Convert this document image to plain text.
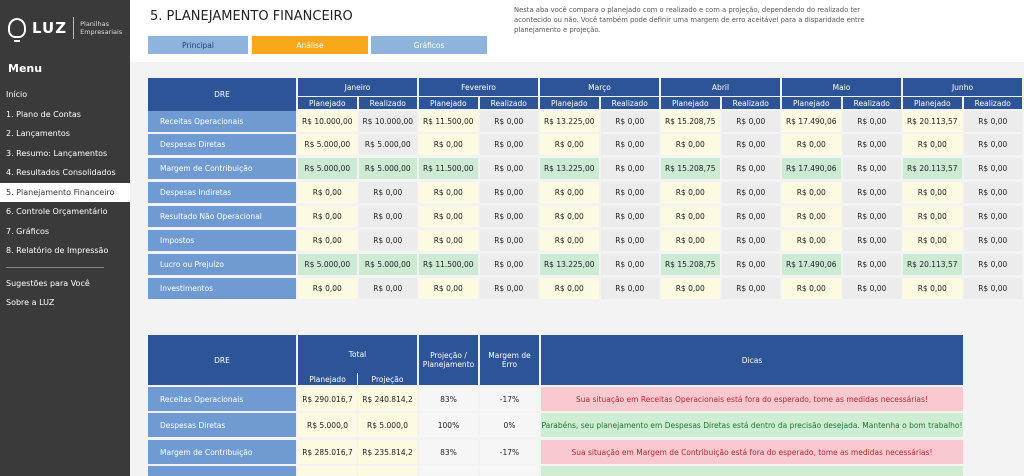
LUZ Planilhas
Empresariais
Menu
Início
1. Plano de Contas
2. Lançamentos
3. Resumo: Lançamentos
4. Resultados Consolidados
5. Planejamento Financeiro
6. Controle Orçamentário
7. Gráficos
8. Relatório de Impressão
Sugestões para Você
Sobre a LUZ
5. PLANEJAMENTO FINANCEIRO	Nesta aba você compara o planejado com o realizado e com a projeção, dependendo do realizado ter acontecido ou não. Você também pode definir uma margem de erro aceitável para a disparidade entre planejamento e projeção.
Principal	Análise	Gráficos
DRE
Janeiro
Planejado	Realizado
Fevereiro
Planejado	Realizado
Março
Planejado	Realizado
Abril
Planejado	Realizado
Maio
Planejado	Realizado
Junho
Planejado	Realizado
Receitas Operacionais	R$ 10.000,00	R$ 10.000,00	R$ 11.500,00	R$ 0,00	R$ 13.225,00	R$ 0,00	R$ 15.208,75	R$ 0,00	R$ 17.490,06	R$ 0,00	R$ 20.113,57	R$ 0,00
Despesas Diretas	R$ 5.000,00	R$ 5.000,00	R$ 0,00	R$ 0,00	R$ 0,00	R$ 0,00	R$ 0,00	R$ 0,00	R$ 0,00	R$ 0,00	R$ 0,00	R$ 0,00
Margem de Contribuição	R$ 5.000,00	R$ 5.000,00	R$ 11.500,00	R$ 0,00	R$ 13.225,00	R$ 0,00	R$ 15.208,75	R$ 0,00	R$ 17.490,06	R$ 0,00	R$ 20.113,57	R$ 0,00
Despesas Indiretas	R$ 0,00	R$ 0,00	R$ 0,00	R$ 0,00	R$ 0,00	R$ 0,00	R$ 0,00	R$ 0,00	R$ 0,00	R$ 0,00	R$ 0,00	R$ 0,00
Resultado Não Operacional	R$ 0,00	R$ 0,00	R$ 0,00	R$ 0,00	R$ 0,00	R$ 0,00	R$ 0,00	R$ 0,00	R$ 0,00	R$ 0,00	R$ 0,00	R$ 0,00
Impostos	R$ 0,00	R$ 0,00	R$ 0,00	R$ 0,00	R$ 0,00	R$ 0,00	R$ 0,00	R$ 0,00	R$ 0,00	R$ 0,00	R$ 0,00	R$ 0,00
Lucro ou Prejuízo	R$ 5.000,00	R$ 5.000,00	R$ 11.500,00	R$ 0,00	R$ 13.225,00	R$ 0,00	R$ 15.208,75	R$ 0,00	R$ 17.490,06	R$ 0,00	R$ 20.113,57	R$ 0,00
Investimentos	R$ 0,00	R$ 0,00	R$ 0,00	R$ 0,00	R$ 0,00	R$ 0,00	R$ 0,00	R$ 0,00	R$ 0,00	R$ 0,00	R$ 0,00	R$ 0,00
DRE
Total
Planejado	Projeção
Projeção /
Planejamento
Margem de
Erro	Dicas
Receitas Operacionais	R$ 290.016,7	R$ 240.814,2	83%	-17%	Sua situação em Receitas Operacionais está fora do esperado, tome as medidas necessárias!
Despesas Diretas	R$ 5.000,0	R$ 5.000,0	100%	0%	Parabéns, seu planejamento em Despesas Diretas está dentro da precisão desejada. Mantenha o bom trabalho!
Margem de Contribuição	R$ 285.016,7	R$ 235.814,2	83%	-17%	Sua situação em Margem de Contribuição está fora do esperado, tome as medidas necessárias!
